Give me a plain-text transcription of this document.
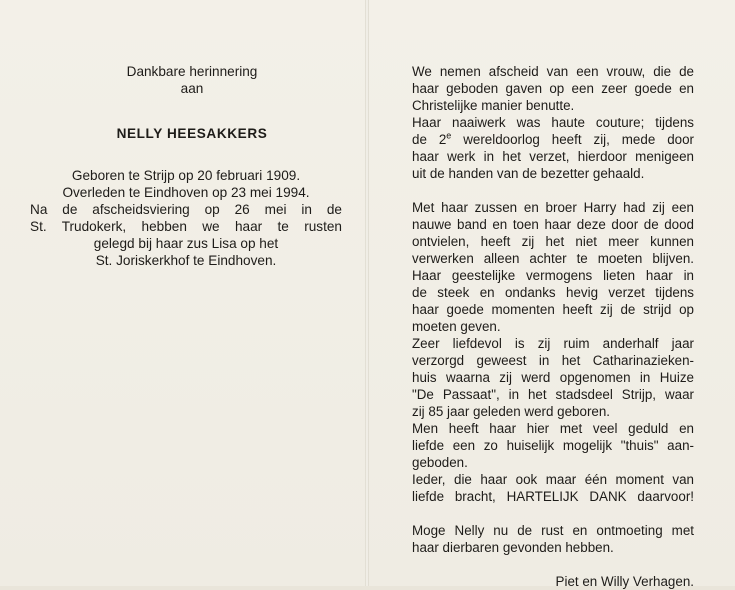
Dankbare herinnering
aan
NELLY HEESAKKERS
Geboren te Strijp op 20 februari 1909.
Overleden te Eindhoven op 23 mei 1994.
Na de afscheidsviering op 26 mei in de
St. Trudokerk, hebben we haar te rusten
gelegd bij haar zus Lisa op het
St. Joriskerkhof te Eindhoven.
We nemen afscheid van een vrouw, die de
haar geboden gaven op een zeer goede en
Christelijke manier benutte.
Haar naaiwerk was haute couture; tijdens
de 2e wereldoorlog heeft zij, mede door
haar werk in het verzet, hierdoor menigeen
uit de handen van de bezetter gehaald.
Met haar zussen en broer Harry had zij een
nauwe band en toen haar deze door de dood
ontvielen, heeft zij het niet meer kunnen
verwerken alleen achter te moeten blijven.
Haar geestelijke vermogens lieten haar in
de steek en ondanks hevig verzet tijdens
haar goede momenten heeft zij de strijd op
moeten geven.
Zeer liefdevol is zij ruim anderhalf jaar
verzorgd geweest in het Catharinazieken-
huis waarna zij werd opgenomen in Huize
"De Passaat", in het stadsdeel Strijp, waar
zij 85 jaar geleden werd geboren.
Men heeft haar hier met veel geduld en
liefde een zo huiselijk mogelijk "thuis" aan-
geboden.
Ieder, die haar ook maar één moment van
liefde bracht, HARTELIJK DANK daarvoor!
Moge Nelly nu de rust en ontmoeting met
haar dierbaren gevonden hebben.
Piet en Willy Verhagen.
